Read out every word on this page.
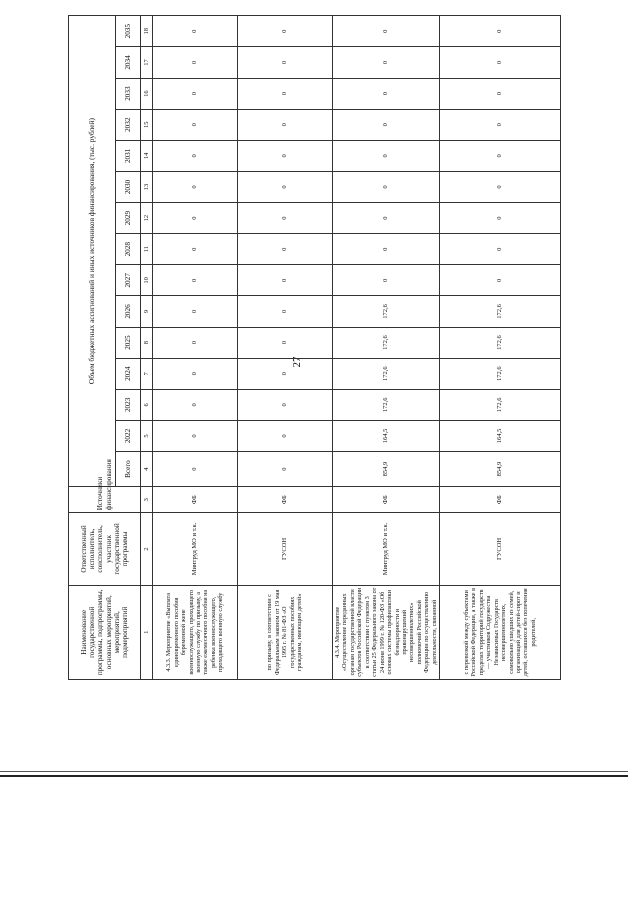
27
Наименование государственной программы, подпрограммы, основных мероприятий, мероприятий, подмероприятий	Ответственный исполнитель, соисполнитель, участник государственной программы	Источники финансирования	Объем бюджетных ассигнований и иных источников финансирования, (тыс. рублей)														
			Всего	2022	2023	2024	2025	2026	2027	2028	2029	2030	2031	2032	2033	2034	2035
1	2	3	4	5	6	7	8	9	10	11	12	13	14	15	16	17	18
4.3.3. Мероприятие «Выплата единовременного пособия беременной жене военнослужащего, проходящего военную службу по призыву, а также ежемесячного пособия на ребенка военнослужащего, проходящего военную службу	Минтруд МО и т.к.	ФБ	0	0	0	0	0	0	0	0	0	0	0	0	0	0	0
по призыву, в соответствии с Федеральным законом от 19 мая 1995 г. № 81-ФЗ «О государственных пособиях гражданам, имеющим детей»	ГУСОН	ФБ	0	0	0	0	0	0	0	0	0	0	0	0	0	0	0
4.3.4. Мероприятие «Осуществление переданных органам государственной власти субъектов Российской Федерации в соответствии с пунктом 3 статьи 25 Федерального закона от 24 июня 1999 г. № 120-ФЗ «Об основах системы профилактики безнадзорности и правонарушений несовершеннолетних» полномочий Российской Федерации по осуществлению деятельности, связанной	Минтруд МО и т.к.	ФБ	854,9	164,5	172,6	172,6	172,6	172,6	0	0	0	0	0	0	0	0	0
с перевозкой между субъектами Российской Федерации, а также в пределах территорий государств — участников Содружества Независимых Государств несовершеннолетних, самовольно ушедших из семей, организаций для детей-сирот и детей, оставшихся без попечения родителей,	ГУСОН	ФБ	854,9	164,5	172,6	172,6	172,6	172,6	0	0	0	0	0	0	0	0	0
